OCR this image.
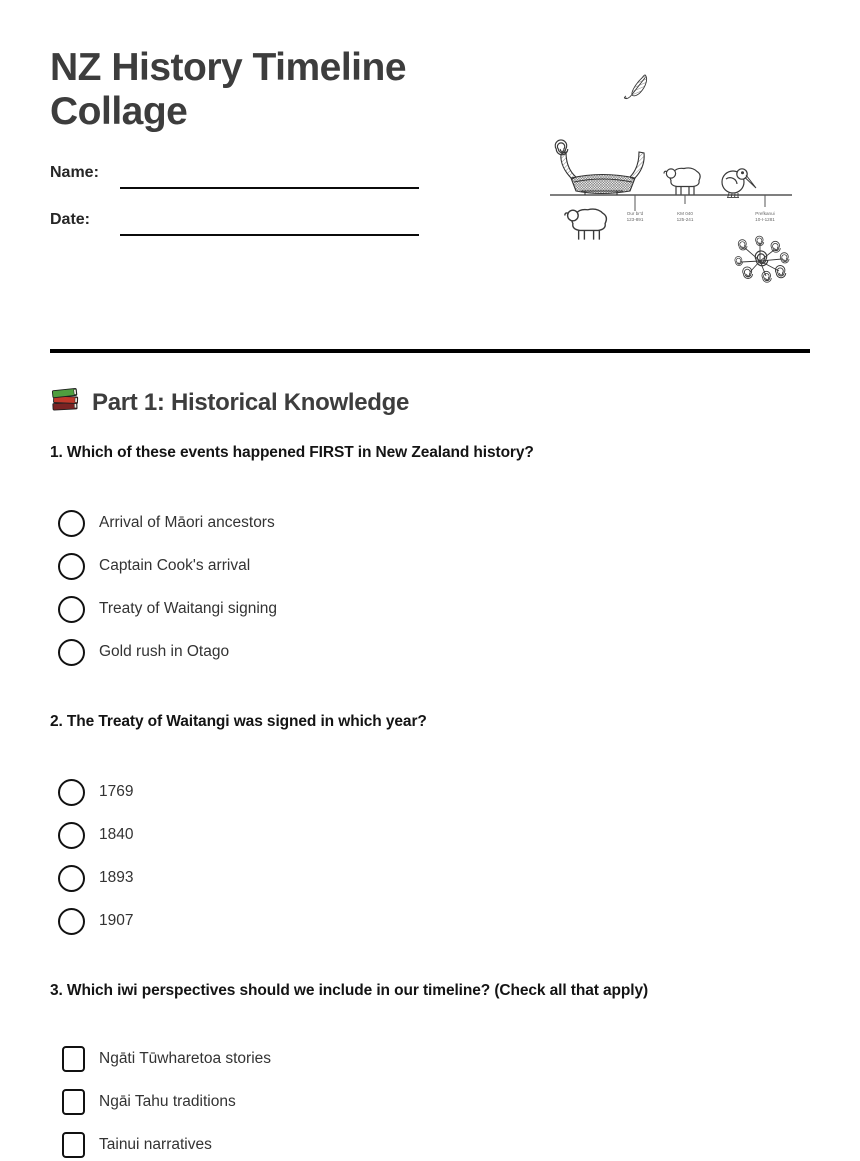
NZ History Timeline Collage
Name:
Date:	Our br'd
123-891
KM 040
125-241
Prefkanui
10-I-1281
Part 1: Historical Knowledge
1. Which of these events happened FIRST in New Zealand history?
Arrival of Māori ancestors
Captain Cook's arrival
Treaty of Waitangi signing
Gold rush in Otago
2. The Treaty of Waitangi was signed in which year?
1769
1840
1893
1907
3. Which iwi perspectives should we include in our timeline? (Check all that apply)
Ngāti Tūwharetoa stories
Ngāi Tahu traditions
Tainui narratives
